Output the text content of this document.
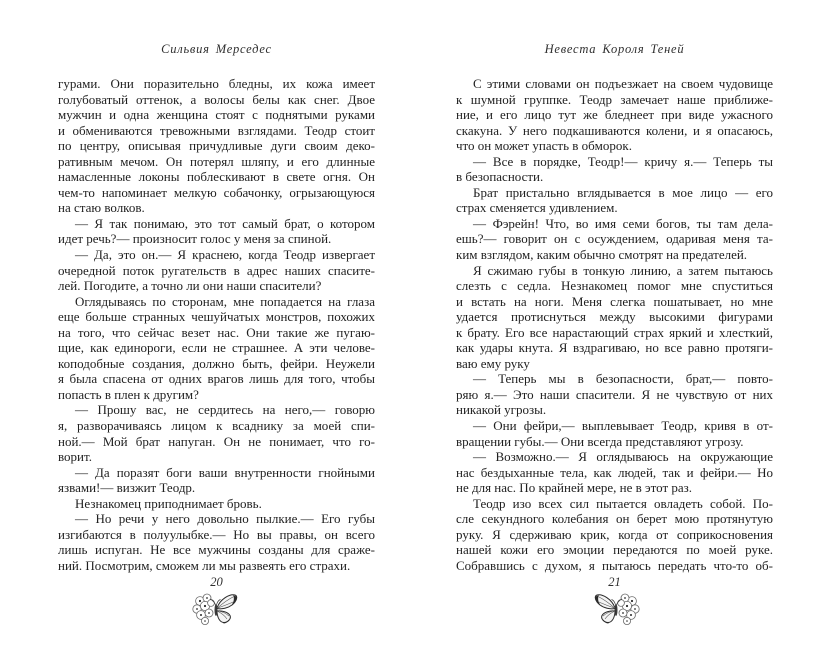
Сильвия Мерседес
гурами. Они поразительно бледны, их кожа имеет
голубоватый оттенок, а волосы белы как снег. Двое
мужчин и одна женщина стоят с поднятыми руками
и обмениваются тревожными взглядами. Теодр стоит
по центру, описывая причудливые дуги своим деко-
ративным мечом. Он потерял шляпу, и его длинные
намасленные локоны поблескивают в свете огня. Он
чем-то напоминает мелкую собачонку, огрызающуюся
на стаю волков.
— Я так понимаю, это тот самый брат, о котором
идет речь?— произносит голос у меня за спиной.
— Да, это он.— Я краснею, когда Теодр извергает
очередной поток ругательств в адрес наших спасите-
лей. Погодите, а точно ли они наши спасители?
Оглядываясь по сторонам, мне попадается на глаза
еще больше странных чешуйчатых монстров, похожих
на того, что сейчас везет нас. Они такие же пугаю-
щие, как единороги, если не страшнее. А эти челове-
коподобные создания, должно быть, фейри. Неужели
я была спасена от одних врагов лишь для того, чтобы
попасть в плен к другим?
— Прошу вас, не сердитесь на него,— говорю
я, разворачиваясь лицом к всаднику за моей спи-
ной.— Мой брат напуган. Он не понимает, что го-
ворит.
— Да поразят боги ваши внутренности гнойными
язвами!— визжит Теодр.
Незнакомец приподнимает бровь.
— Но речи у него довольно пылкие.— Его губы
изгибаются в полуулыбке.— Но вы правы, он всего
лишь испуган. Не все мужчины созданы для сраже-
ний. Посмотрим, сможем ли мы развеять его страхи.
20
Невеста Короля Теней
С этими словами он подъезжает на своем чудовище
к шумной группке. Теодр замечает наше приближе-
ние, и его лицо тут же бледнеет при виде ужасного
скакуна. У него подкашиваются колени, и я опасаюсь,
что он может упасть в обморок.
— Все в порядке, Теодр!— кричу я.— Теперь ты
в безопасности.
Брат пристально вглядывается в мое лицо — его
страх сменяется удивлением.
— Фэрейн! Что, во имя семи богов, ты там дела-
ешь?— говорит он с осуждением, одаривая меня та-
ким взглядом, каким обычно смотрят на предателей.
Я сжимаю губы в тонкую линию, а затем пытаюсь
слезть с седла. Незнакомец помог мне спуститься
и встать на ноги. Меня слегка пошатывает, но мне
удается протиснуться между высокими фигурами
к брату. Его все нарастающий страх яркий и хлесткий,
как удары кнута. Я вздрагиваю, но все равно протяги-
ваю ему руку
— Теперь мы в безопасности, брат,— повто-
ряю я.— Это наши спасители. Я не чувствую от них
никакой угрозы.
— Они фейри,— выплевывает Теодр, кривя в от-
вращении губы.— Они всегда представляют угрозу.
— Возможно.— Я оглядываюсь на окружающие
нас бездыханные тела, как людей, так и фейри.— Но
не для нас. По крайней мере, не в этот раз.
Теодр изо всех сил пытается овладеть собой. По-
сле секундного колебания он берет мою протянутую
руку. Я сдерживаю крик, когда от соприкосновения
нашей кожи его эмоции передаются по моей руке.
Собравшись с духом, я пытаюсь передать что-то об-
21
